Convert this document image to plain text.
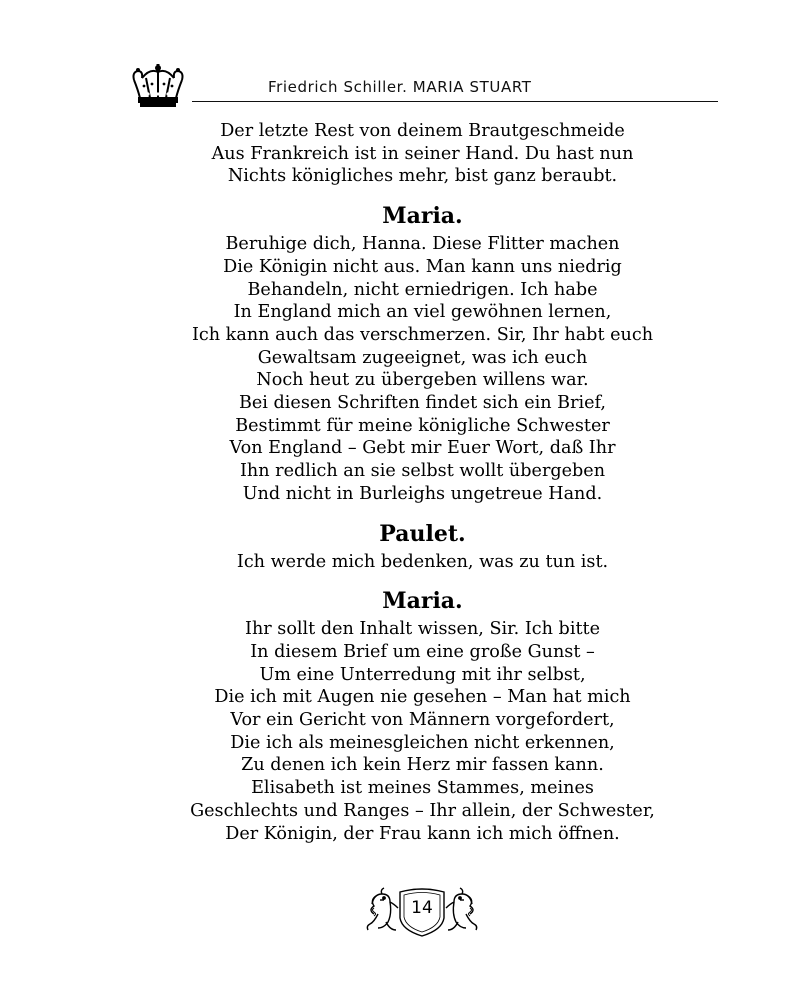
Friedrich Schiller. MARIA STUART
Der letzte Rest von deinem Brautgeschmeide
Aus Frankreich ist in seiner Hand. Du hast nun
Nichts königliches mehr, bist ganz beraubt.
Maria.
Beruhige dich, Hanna. Diese Flitter machen
Die Königin nicht aus. Man kann uns niedrig
Behandeln, nicht erniedrigen. Ich habe
In England mich an viel gewöhnen lernen,
Ich kann auch das verschmerzen. Sir, Ihr habt euch
Gewaltsam zugeeignet, was ich euch
Noch heut zu übergeben willens war.
Bei diesen Schriften findet sich ein Brief,
Bestimmt für meine königliche Schwester
Von England – Gebt mir Euer Wort, daß Ihr
Ihn redlich an sie selbst wollt übergeben
Und nicht in Burleighs ungetreue Hand.
Paulet.
Ich werde mich bedenken, was zu tun ist.
Maria.
Ihr sollt den Inhalt wissen, Sir. Ich bitte
In diesem Brief um eine große Gunst –
Um eine Unterredung mit ihr selbst,
Die ich mit Augen nie gesehen – Man hat mich
Vor ein Gericht von Männern vorgefordert,
Die ich als meinesgleichen nicht erkennen,
Zu denen ich kein Herz mir fassen kann.
Elisabeth ist meines Stammes, meines
Geschlechts und Ranges – Ihr allein, der Schwester,
Der Königin, der Frau kann ich mich öffnen.
14
